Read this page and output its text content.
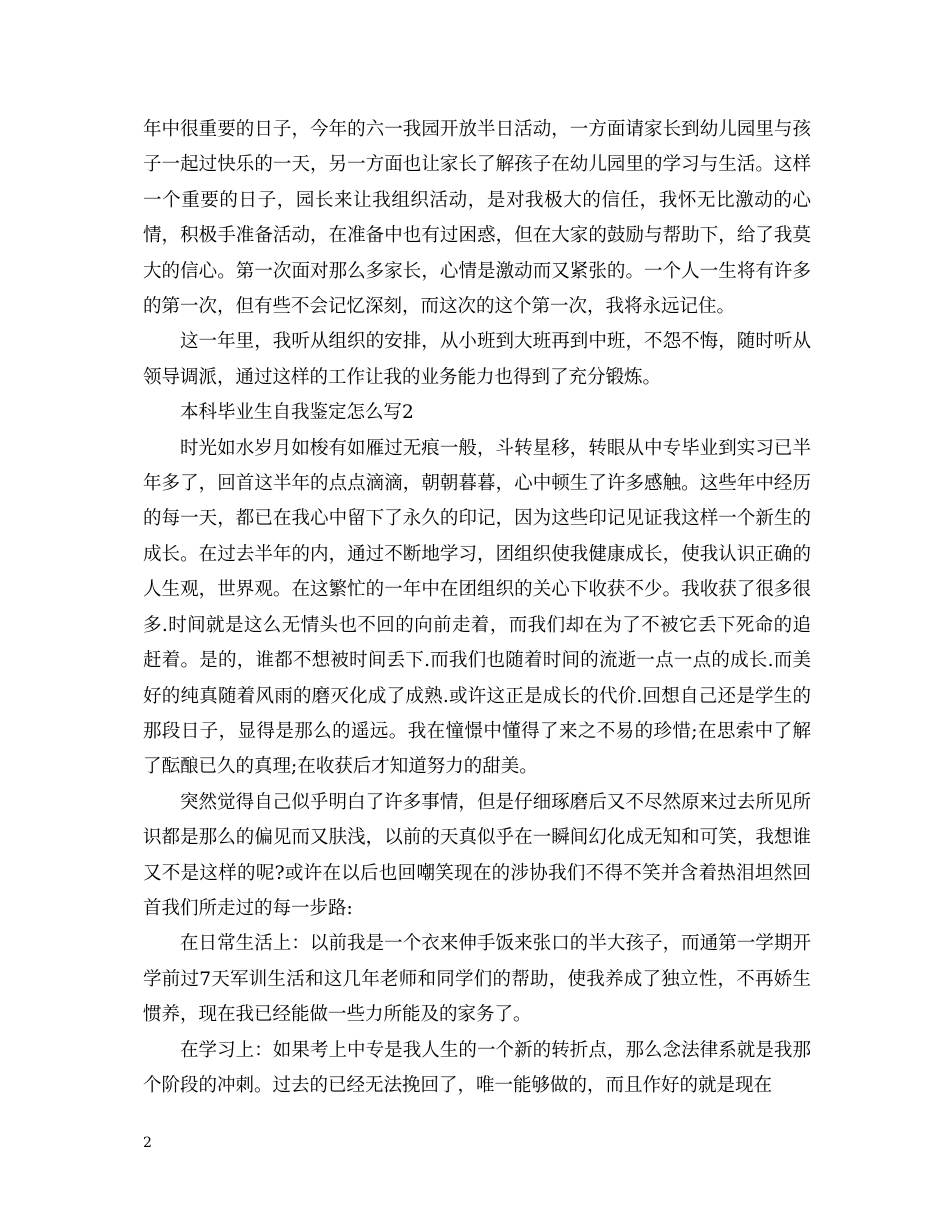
年中很重要的日子，今年的六一我园开放半日活动，一方面请家长到幼儿园里与孩子一起过快乐的一天，另一方面也让家长了解孩子在幼儿园里的学习与生活。这样一个重要的日子，园长来让我组织活动，是对我极大的信任，我怀无比激动的心情，积极手准备活动，在准备中也有过困惑，但在大家的鼓励与帮助下，给了我莫大的信心。第一次面对那么多家长，心情是激动而又紧张的。一个人一生将有许多的第一次，但有些不会记忆深刻，而这次的这个第一次，我将永远记住。

这一年里，我听从组织的安排，从小班到大班再到中班，不怨不悔，随时听从领导调派，通过这样的工作让我的业务能力也得到了充分锻炼。

本科毕业生自我鉴定怎么写2

时光如水岁月如梭有如雁过无痕一般，斗转星移，转眼从中专毕业到实习已半年多了，回首这半年的点点滴滴，朝朝暮暮，心中顿生了许多感触。这些年中经历的每一天，都已在我心中留下了永久的印记，因为这些印记见证我这样一个新生的成长。在过去半年的内，通过不断地学习，团组织使我健康成长，使我认识正确的人生观，世界观。在这繁忙的一年中在团组织的关心下收获不少。我收获了很多很多.时间就是这么无情头也不回的向前走着，而我们却在为了不被它丢下死命的追赶着。是的，谁都不想被时间丢下.而我们也随着时间的流逝一点一点的成长.而美好的纯真随着风雨的磨灭化成了成熟.或许这正是成长的代价.回想自己还是学生的那段日子，显得是那么的遥远。我在憧憬中懂得了来之不易的珍惜;在思索中了解了酝酿已久的真理;在收获后才知道努力的甜美。

突然觉得自己似乎明白了许多事情，但是仔细琢磨后又不尽然原来过去所见所识都是那么的偏见而又肤浅，以前的天真似乎在一瞬间幻化成无知和可笑，我想谁又不是这样的呢?或许在以后也回嘲笑现在的涉协我们不得不笑并含着热泪坦然回首我们所走过的每一步路:

在日常生活上：以前我是一个衣来伸手饭来张口的半大孩子，而通第一学期开学前过7天军训生活和这几年老师和同学们的帮助，使我养成了独立性，不再娇生惯养，现在我已经能做一些力所能及的家务了。

在学习上：如果考上中专是我人生的一个新的转折点，那么念法律系就是我那个阶段的冲刺。过去的已经无法挽回了，唯一能够做的，而且作好的就是现在

2
